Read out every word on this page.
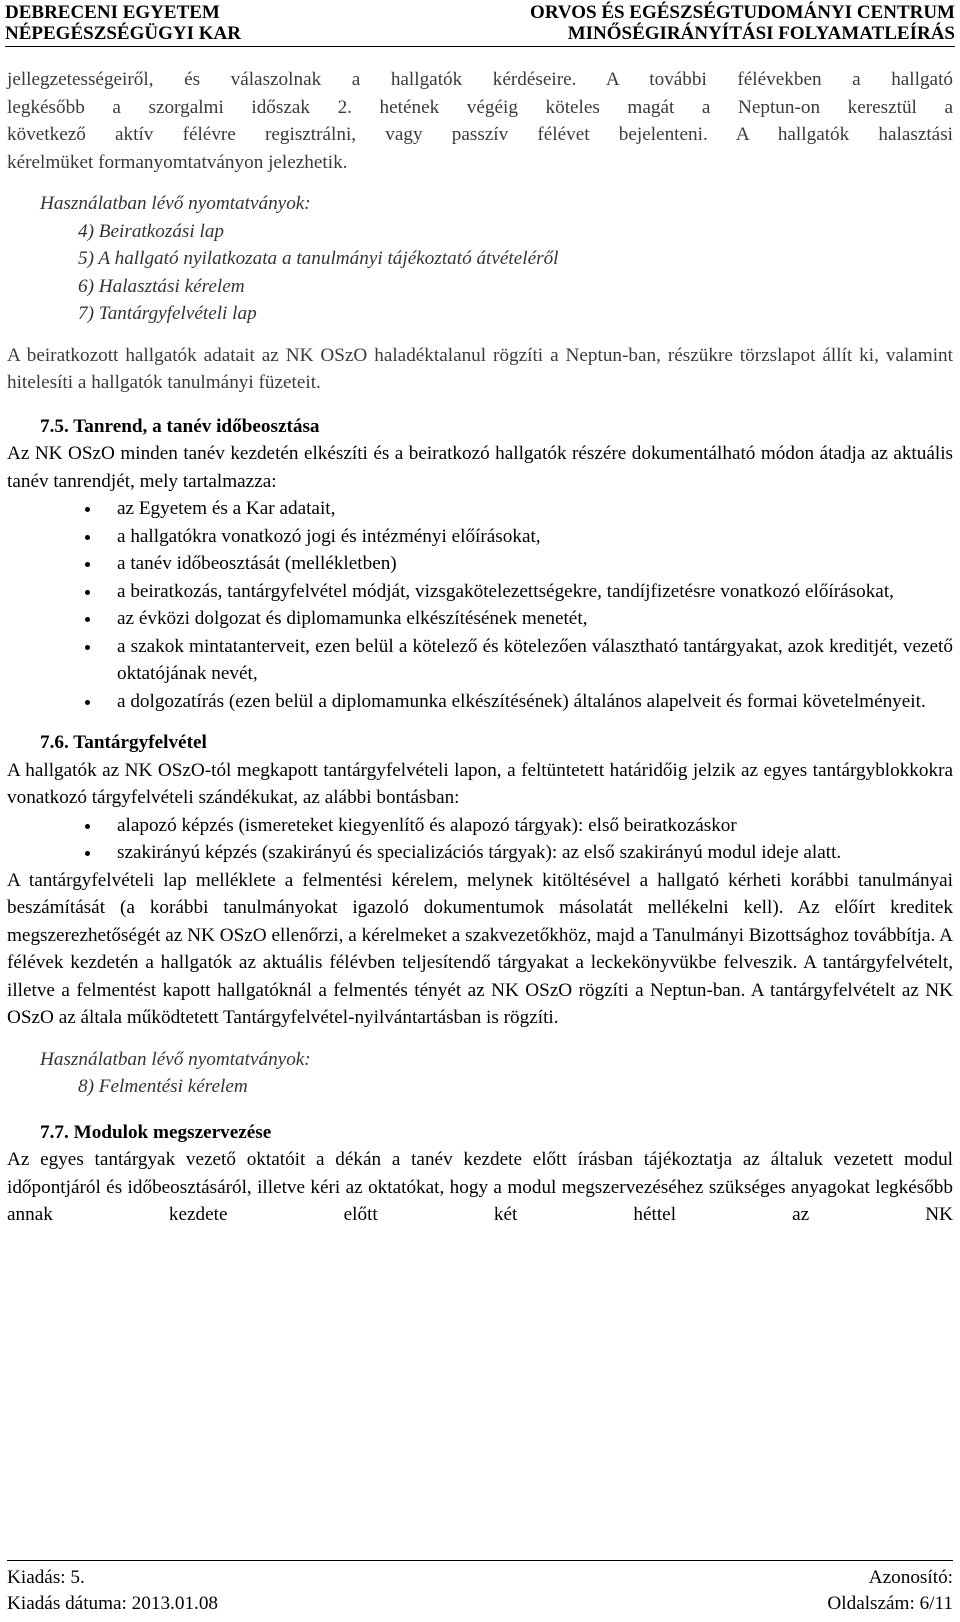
DEBRECENI EGYETEM
NÉPEGÉSZSÉGÜGYI KAR
ORVOS ÉS EGÉSZSÉGTUDOMÁNYI CENTRUM
MINŐSÉGIRÁNYÍTÁSI FOLYAMATLEÍRÁS

jellegzetességeiről, és válaszolnak a hallgatók kérdéseire. A további félévekben a hallgató

legkésőbb a szorgalmi időszak 2. hetének végéig köteles magát a Neptun-on keresztül a

következő aktív félévre regisztrálni, vagy passzív félévet bejelenteni. A hallgatók halasztási

kérelmüket formanyomtatványon jelezhetik.

Használatban lévő nyomtatványok:
4) Beiratkozási lap
5) A hallgató nyilatkozata a tanulmányi tájékoztató átvételéről
6) Halasztási kérelem
7) Tantárgyfelvételi lap

A beiratkozott hallgatók adatait az NK OSzO haladéktalanul rögzíti a Neptun-ban, részükre törzslapot állít ki, valamint hitelesíti a hallgatók tanulmányi füzeteit.

7.5. Tanrend, a tanév időbeosztása

Az NK OSzO minden tanév kezdetén elkészíti és a beiratkozó hallgatók részére dokumentálható módon átadja az aktuális tanév tanrendjét, mely tartalmazza:

az Egyetem és a Kar adatait,
a hallgatókra vonatkozó jogi és intézményi előírásokat,
a tanév időbeosztását (mellékletben)
a beiratkozás, tantárgyfelvétel módját, vizsgakötelezettségekre, tandíjfizetésre vonatkozó előírásokat,
az évközi dolgozat és diplomamunka elkészítésének menetét,
a szakok mintatanterveit, ezen belül a kötelező és kötelezően választható tantárgyakat, azok kreditjét, vezető oktatójának nevét,
a dolgozatírás (ezen belül a diplomamunka elkészítésének) általános alapelveit és formai követelményeit.
7.6. Tantárgyfelvétel

A hallgatók az NK OSzO-tól megkapott tantárgyfelvételi lapon, a feltüntetett határidőig jelzik az egyes tantárgyblokkokra vonatkozó tárgyfelvételi szándékukat, az alábbi bontásban:

alapozó képzés (ismereteket kiegyenlítő és alapozó tárgyak): első beiratkozáskor
szakirányú képzés (szakirányú és specializációs tárgyak): az első szakirányú modul ideje alatt.

A tantárgyfelvételi lap melléklete a felmentési kérelem, melynek kitöltésével a hallgató kérheti korábbi tanulmányai beszámítását (a korábbi tanulmányokat igazoló dokumentumok másolatát mellékelni kell). Az előírt kreditek megszerezhetőségét az NK OSzO ellenőrzi, a kérelmeket a szakvezetőkhöz, majd a Tanulmányi Bizottsághoz továbbítja. A félévek kezdetén a hallgatók az aktuális félévben teljesítendő tárgyakat a leckekönyvükbe felveszik. A tantárgyfelvételt, illetve a felmentést kapott hallgatóknál a felmentés tényét az NK OSzO rögzíti a Neptun-ban. A tantárgyfelvételt az NK OSzO az általa működtetett Tantárgyfelvétel-nyilvántartásban is rögzíti.

Használatban lévő nyomtatványok:
8) Felmentési kérelem
7.7. Modulok megszervezése

Az egyes tantárgyak vezető oktatóit a dékán a tanév kezdete előtt írásban tájékoztatja az általuk vezetett modul időpontjáról és időbeosztásáról, illetve kéri az oktatókat, hogy a modul megszervezéséhez szükséges anyagokat legkésőbb annak kezdete előtt két héttel az NK

Kiadás: 5.	Azonosító:
Kiadás dátuma: 2013.01.08	Oldalszám: 6/11
